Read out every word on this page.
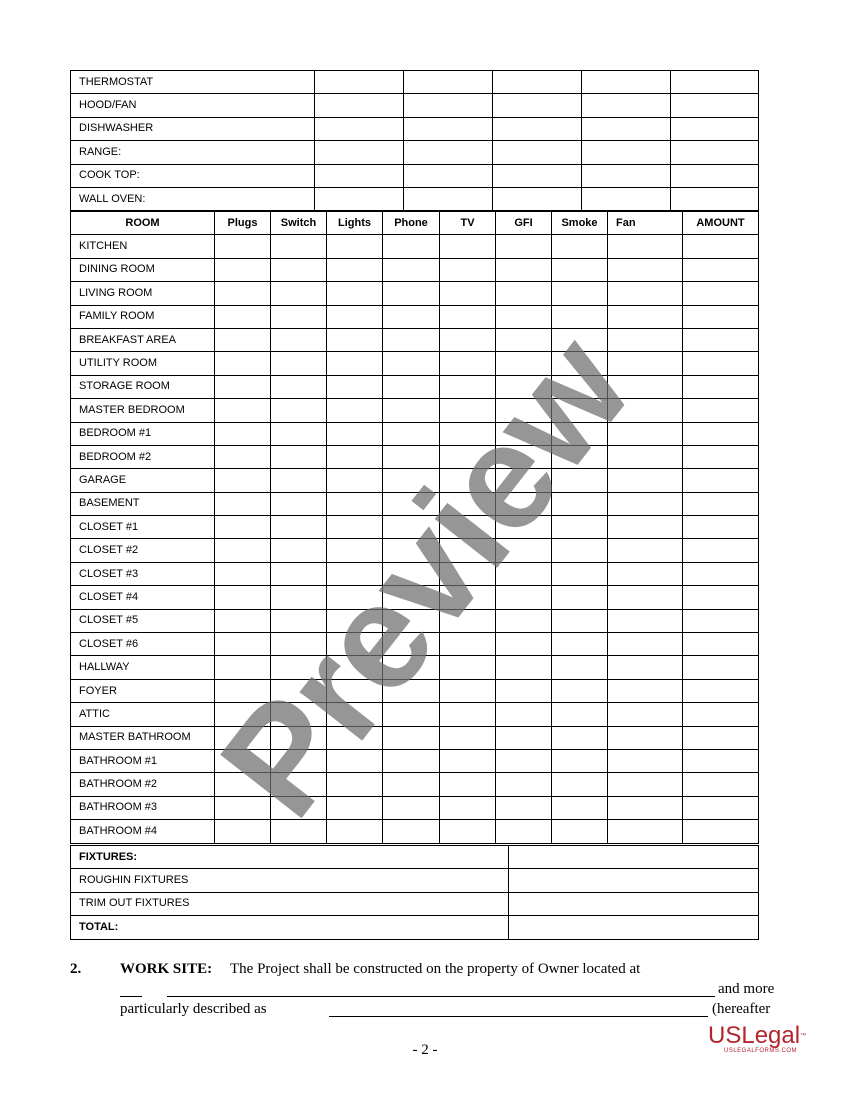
THERMOSTAT					
HOOD/FAN					
DISHWASHER					
RANGE:					
COOK TOP:					
WALL OVEN:					
ROOM	Plugs	Switch	Lights	Phone	TV	GFI	Smoke	Fan	AMOUNT
KITCHEN									
DINING ROOM									
LIVING ROOM									
FAMILY ROOM									
BREAKFAST AREA									
UTILITY ROOM									
STORAGE ROOM									
MASTER BEDROOM									
BEDROOM #1									
BEDROOM #2									
GARAGE									
BASEMENT									
CLOSET #1									
CLOSET #2									
CLOSET #3									
CLOSET #4									
CLOSET #5									
CLOSET #6									
HALLWAY									
FOYER									
ATTIC									
MASTER BATHROOM									
BATHROOM #1									
BATHROOM #2									
BATHROOM #3									
BATHROOM #4									
FIXTURES:	
ROUGHIN FIXTURES	
TRIM OUT FIXTURES	
TOTAL:	
2.	WORK SITE: The Project shall be constructed on the property of Owner located at
and more
particularly described as	(hereafter
- 2 -
Preview
USLegal™
USLEGALFORMS.COM
